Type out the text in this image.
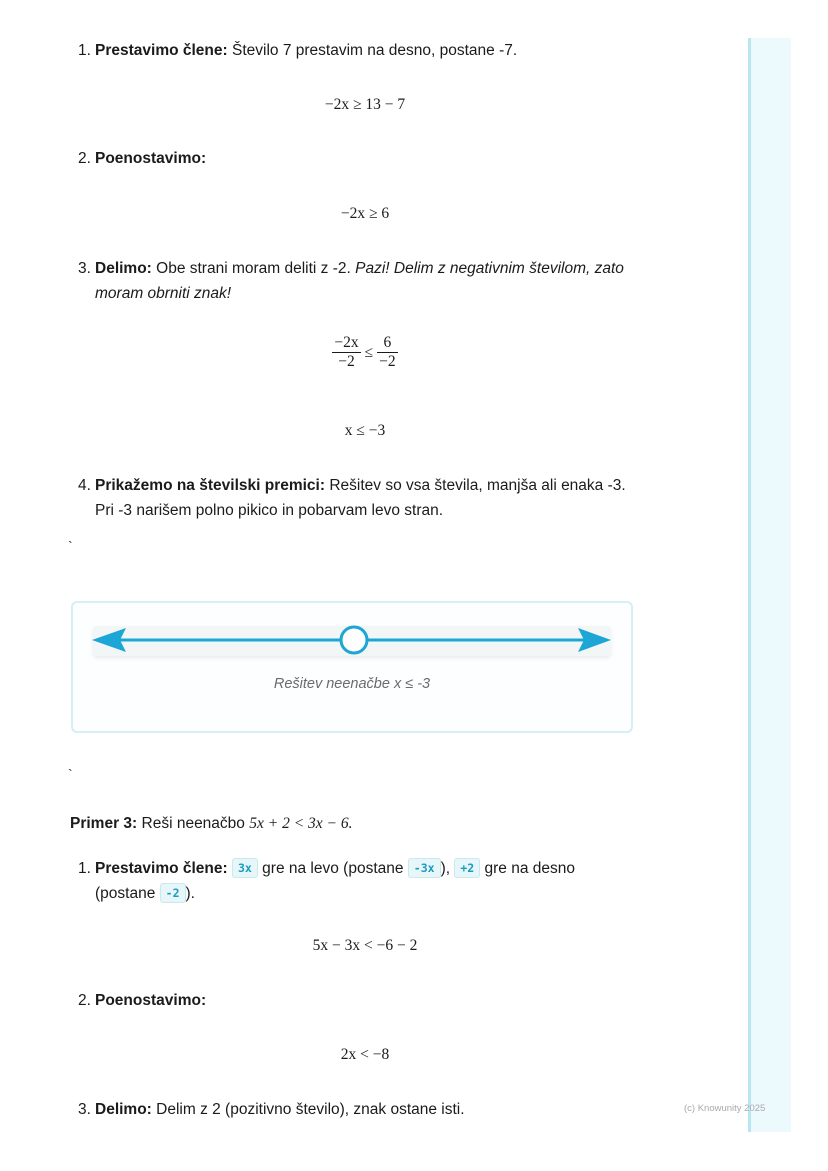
1. Prestavimo člene: Število 7 prestavim na desno, postane -7.
−2x ≥ 13 − 7
2. Poenostavimo:
−2x ≥ 6
3. Delimo: Obe strani moram deliti z -2. Pazi! Delim z negativnim številom, zato moram obrniti znak!
$\frac{-2x}{-2} \le \frac{6}{-2}$
x ≤ −3
4. Prikažemo na številski premici: Rešitev so vsa števila, manjša ali enaka -3. Pri -3 narišem polno pikico in pobarvam levo stran.
`
Rešitev neenačbe x ≤ -3
`
Primer 3: Reši neenačbo 5x + 2 < 3x − 6.
1. Prestavimo člene: 3x gre na levo (postane -3x ), +2 gre na desno (postane -2 ).
5x − 3x < −6 − 2
2. Poenostavimo:
2x < −8
3. Delimo: Delim z 2 (pozitivno število), znak ostane isti.	(c) Knowunity 2025
